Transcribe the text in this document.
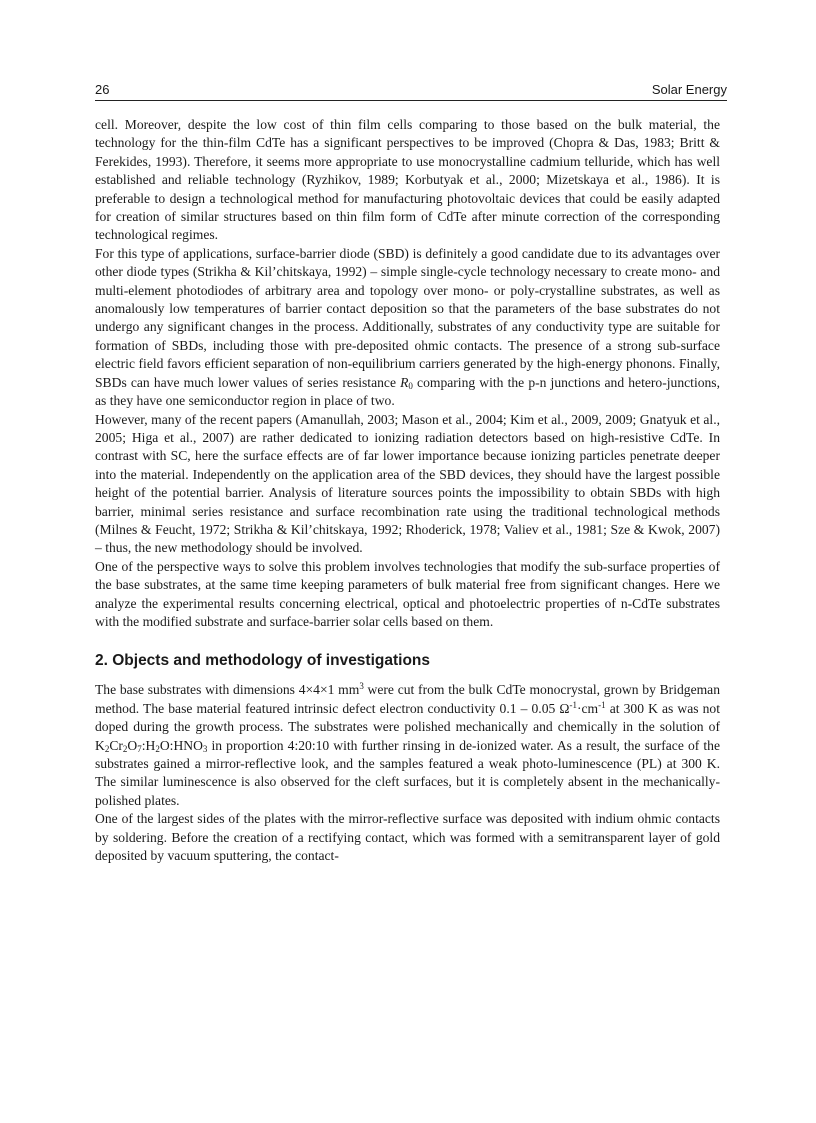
26	Solar Energy

cell. Moreover, despite the low cost of thin film cells comparing to those based on the bulk material, the technology for the thin-film CdTe has a significant perspectives to be improved (Chopra & Das, 1983; Britt & Ferekides, 1993). Therefore, it seems more appropriate to use monocrystalline cadmium telluride, which has well established and reliable technology (Ryzhikov, 1989; Korbutyak et al., 2000; Mizetskaya et al., 1986). It is preferable to design a technological method for manufacturing photovoltaic devices that could be easily adapted for creation of similar structures based on thin film form of CdTe after minute correction of the corresponding technological regimes.

For this type of applications, surface-barrier diode (SBD) is definitely a good candidate due to its advantages over other diode types (Strikha & Kil’chitskaya, 1992) – simple single-cycle technology necessary to create mono- and multi-element photodiodes of arbitrary area and topology over mono- or poly-crystalline substrates, as well as anomalously low temperatures of barrier contact deposition so that the parameters of the base substrates do not undergo any significant changes in the process. Additionally, substrates of any conductivity type are suitable for formation of SBDs, including those with pre-deposited ohmic contacts. The presence of a strong sub-surface electric field favors efficient separation of non-equilibrium carriers generated by the high-energy phonons. Finally, SBDs can have much lower values of series resistance $R_0$ comparing with the p-n junctions and hetero-junctions, as they have one semiconductor region in place of two.

However, many of the recent papers (Amanullah, 2003; Mason et al., 2004; Kim et al., 2009, 2009; Gnatyuk et al., 2005; Higa et al., 2007) are rather dedicated to ionizing radiation detectors based on high-resistive CdTe. In contrast with SC, here the surface effects are of far lower importance because ionizing particles penetrate deeper into the material. Independently on the application area of the SBD devices, they should have the largest possible height of the potential barrier. Analysis of literature sources points the impossibility to obtain SBDs with high barrier, minimal series resistance and surface recombination rate using the traditional technological methods (Milnes & Feucht, 1972; Strikha & Kil’chitskaya, 1992; Rhoderick, 1978; Valiev et al., 1981; Sze & Kwok, 2007) – thus, the new methodology should be involved.

One of the perspective ways to solve this problem involves technologies that modify the sub-surface properties of the base substrates, at the same time keeping parameters of bulk material free from significant changes. Here we analyze the experimental results concerning electrical, optical and photoelectric properties of n-CdTe substrates with the modified substrate and surface-barrier solar cells based on them.

2. Objects and methodology of investigations

The base substrates with dimensions 4×4×1 $mm^3$ were cut from the bulk CdTe monocrystal, grown by Bridgeman method. The base material featured intrinsic defect electron conductivity 0.1 – 0.05 $\Omega^{-1}\cdot cm^{-1}$ at 300 K as was not doped during the growth process. The substrates were polished mechanically and chemically in the solution of $K_2Cr_2O_7:H_2O:HNO_3$ in proportion 4:20:10 with further rinsing in de-ionized water. As a result, the surface of the substrates gained a mirror-reflective look, and the samples featured a weak photo-luminescence (PL) at 300 K. The similar luminescence is also observed for the cleft surfaces, but it is completely absent in the mechanically-polished plates.

One of the largest sides of the plates with the mirror-reflective surface was deposited with indium ohmic contacts by soldering. Before the creation of a rectifying contact, which was formed with a semitransparent layer of gold deposited by vacuum sputtering, the contact-
